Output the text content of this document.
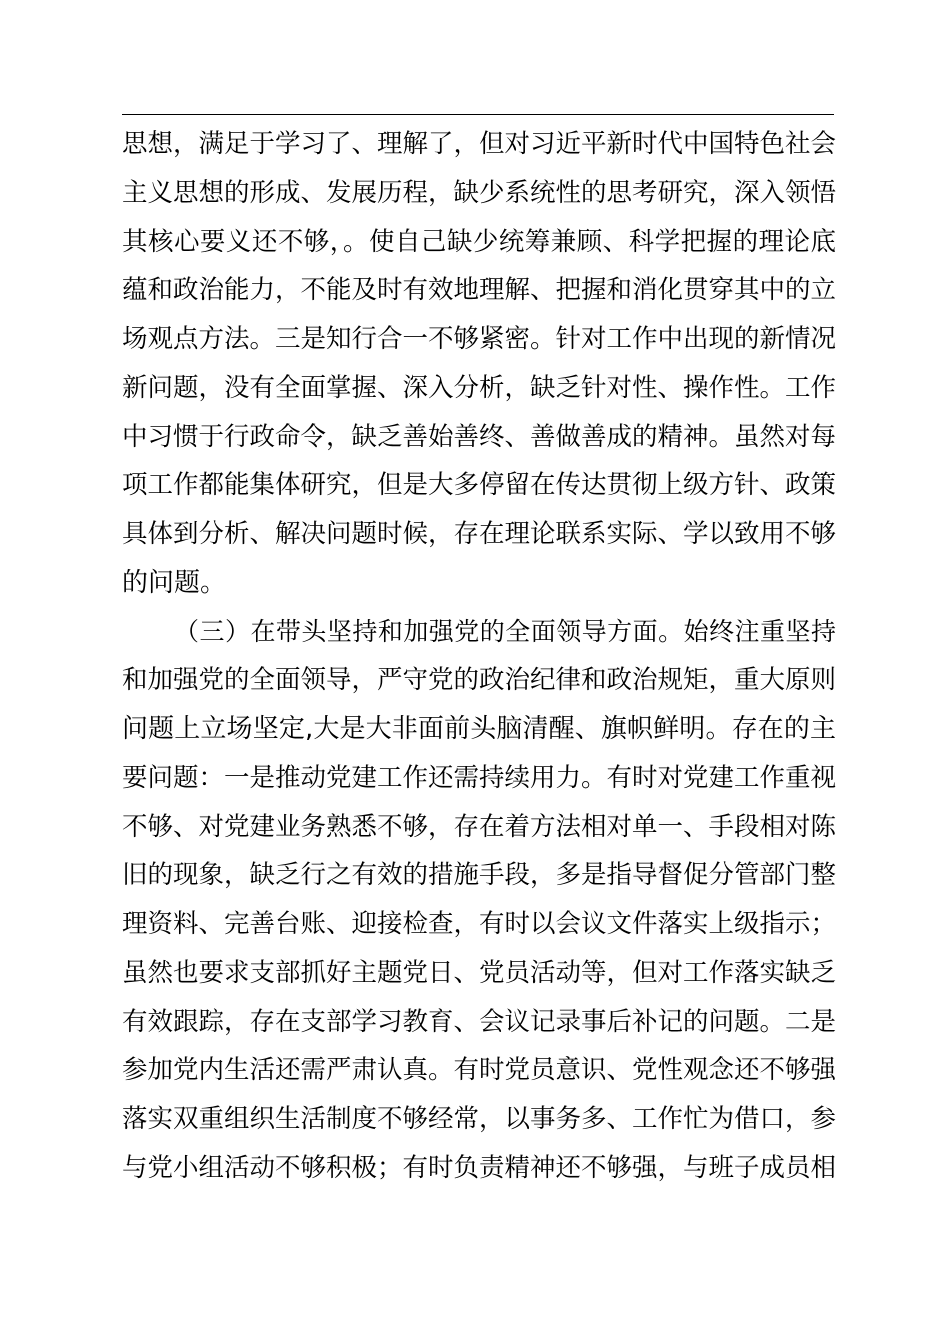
思想，满足于学习了、理解了，但对习近平新时代中国特色社会
主义思想的形成、发展历程，缺少系统性的思考研究，深入领悟
其核心要义还不够，。使自己缺少统筹兼顾、科学把握的理论底
蕴和政治能力，不能及时有效地理解、把握和消化贯穿其中的立
场观点方法。三是知行合一不够紧密。针对工作中出现的新情况
新问题，没有全面掌握、深入分析，缺乏针对性、操作性。工作
中习惯于行政命令，缺乏善始善终、善做善成的精神。虽然对每
项工作都能集体研究，但是大多停留在传达贯彻上级方针、政策
具体到分析、解决问题时候，存在理论联系实际、学以致用不够
的问题。
（三）在带头坚持和加强党的全面领导方面。始终注重坚持
和加强党的全面领导，严守党的政治纪律和政治规矩，重大原则
问题上立场坚定,大是大非面前头脑清醒、旗帜鲜明。存在的主
要问题：一是推动党建工作还需持续用力。有时对党建工作重视
不够、对党建业务熟悉不够，存在着方法相对单一、手段相对陈
旧的现象，缺乏行之有效的措施手段，多是指导督促分管部门整
理资料、完善台账、迎接检查，有时以会议文件落实上级指示；
虽然也要求支部抓好主题党日、党员活动等，但对工作落实缺乏
有效跟踪，存在支部学习教育、会议记录事后补记的问题。二是
参加党内生活还需严肃认真。有时党员意识、党性观念还不够强
落实双重组织生活制度不够经常，以事务多、工作忙为借口，参
与党小组活动不够积极；有时负责精神还不够强，与班子成员相
